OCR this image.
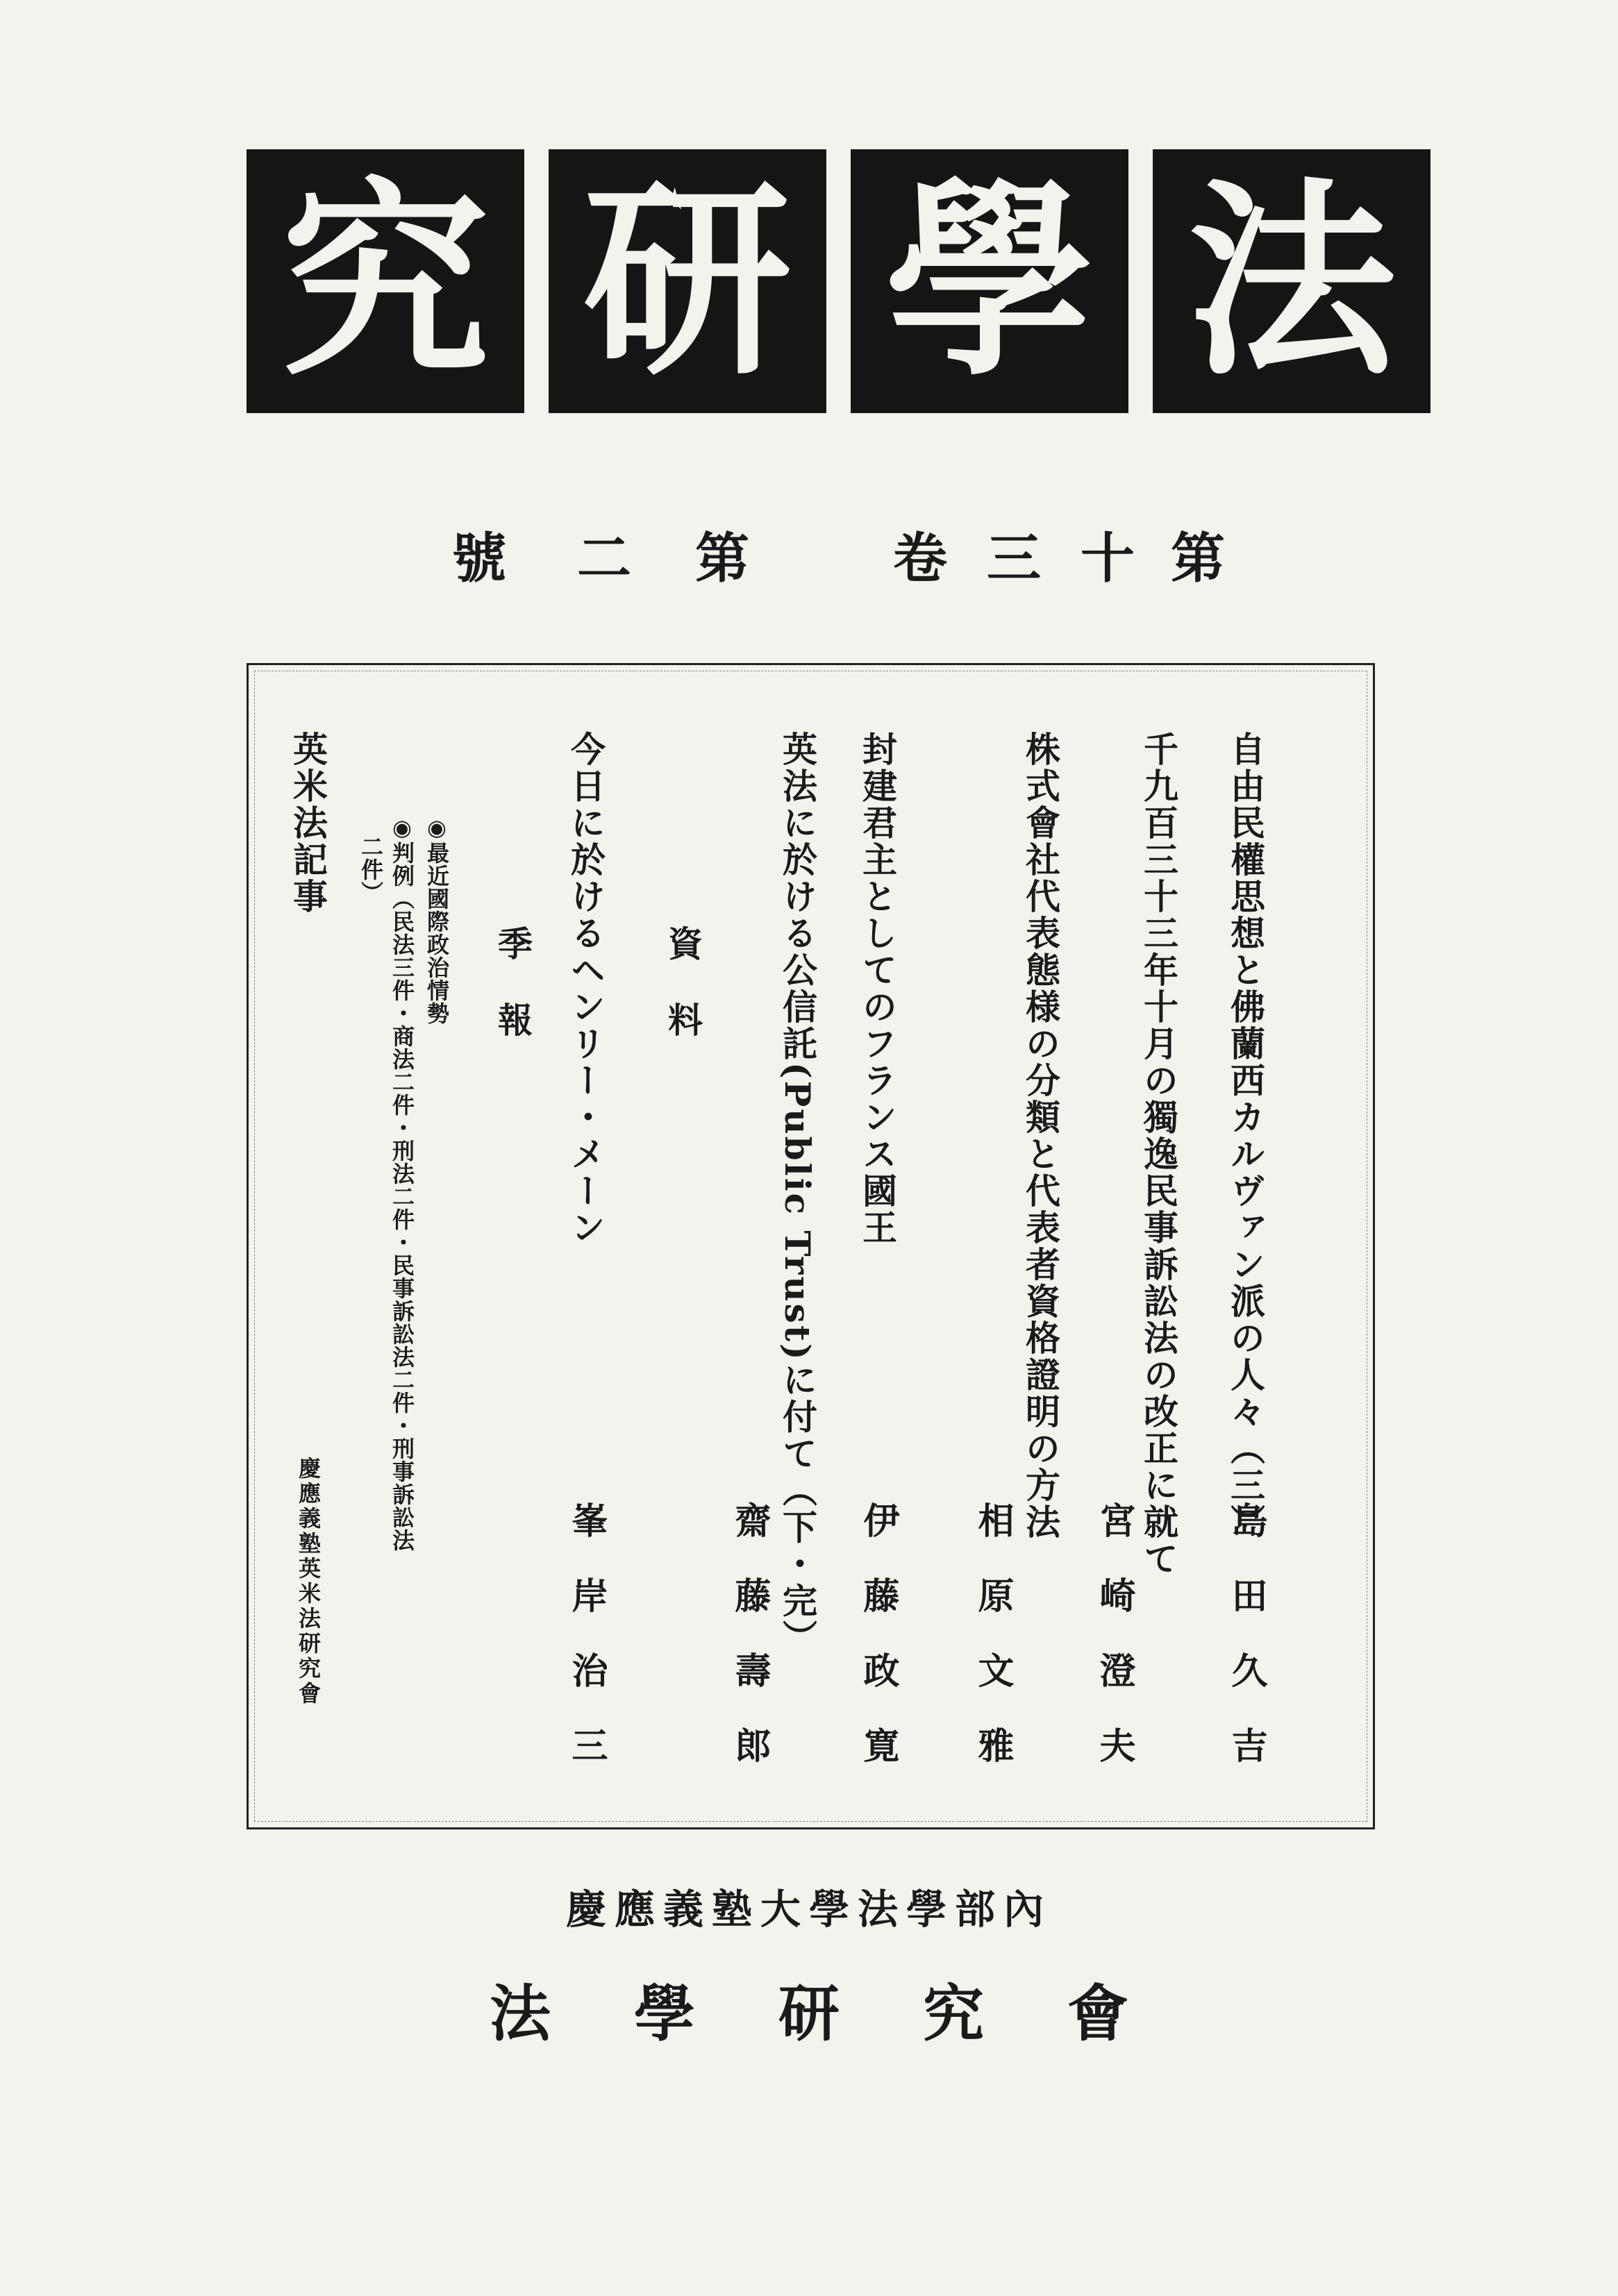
法
學
研
究
號 二 第	卷 三 十 第
自由民權思想と佛蘭西カルヴァン派の人々（三）
島田久吉
千九百三十三年十月の獨逸民事訴訟法の改正に就て
宮崎澄夫
株式會社代表態様の分類と代表者資格證明の方法
相原文雅
封建君主としてのフランス國王
伊藤政寛
英法に於ける公信託(Public Trust)に付て（下・完）
齋藤壽郎
資料
今日に於けるヘンリー・メーン
峯岸治三
季報
◉最近國際政治情勢
◉判例（民法三件・商法二件・刑法二件・民事訴訟法二件・刑事訴訟法
二件）
英米法記事
慶應義塾英米法研究會
慶應義塾大學法學部內
法學研究會
